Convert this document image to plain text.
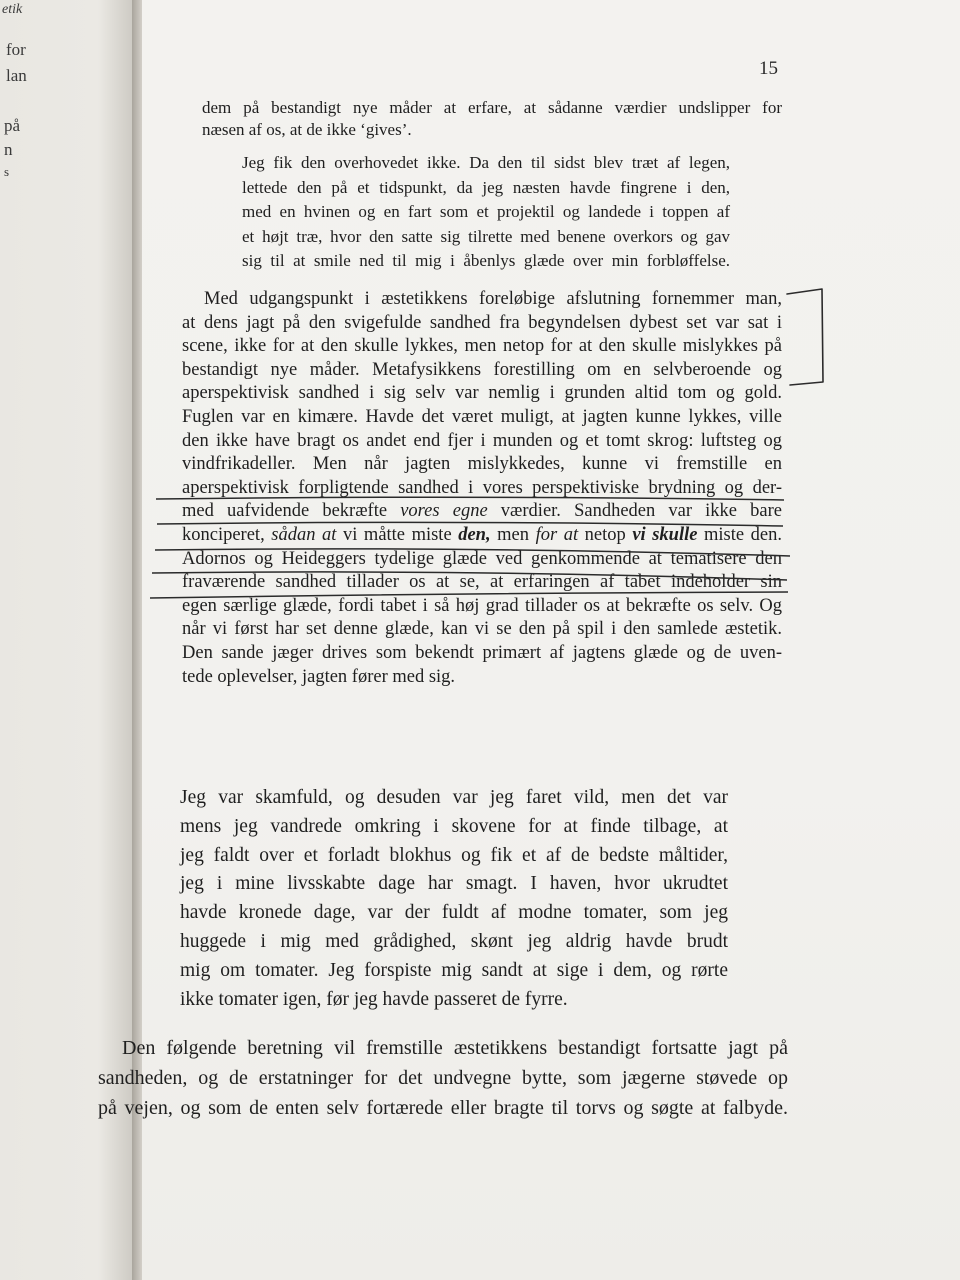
etik
for
lan
på
n
s
15
dem på bestandigt nye måder at erfare, at sådanne værdier undslipper for
næsen af os, at de ikke ‘gives’.
Jeg fik den overhovedet ikke. Da den til sidst blev træt af legen,
lettede den på et tidspunkt, da jeg næsten havde fingrene i den,
med en hvinen og en fart som et projektil og landede i toppen af
et højt træ, hvor den satte sig tilrette med benene overkors og gav
sig til at smile ned til mig i åbenlys glæde over min forbløffelse.
Med udgangspunkt i æstetikkens foreløbige afslutning fornemmer man,
at dens jagt på den svigefulde sandhed fra begyndelsen dybest set var sat i
scene, ikke for at den skulle lykkes, men netop for at den skulle mislykkes på
bestandigt nye måder. Metafysikkens forestilling om en selvberoende og
aperspektivisk sandhed i sig selv var nemlig i grunden altid tom og gold.
Fuglen var en kimære. Havde det været muligt, at jagten kunne lykkes, ville
den ikke have bragt os andet end fjer i munden og et tomt skrog: luftsteg og
vindfrikadeller. Men når jagten mislykkedes, kunne vi fremstille en
aperspektivisk forpligtende sandhed i vores perspektiviske brydning og der-
med uafvidende bekræfte vores egne værdier. Sandheden var ikke bare
konciperet, sådan at vi måtte miste den, men for at netop vi skulle miste den.
Adornos og Heideggers tydelige glæde ved genkommende at tematisere den
fraværende sandhed tillader os at se, at erfaringen af tabet indeholder sin
egen særlige glæde, fordi tabet i så høj grad tillader os at bekræfte os selv. Og
når vi først har set denne glæde, kan vi se den på spil i den samlede æstetik.
Den sande jæger drives som bekendt primært af jagtens glæde og de uven-
tede oplevelser, jagten fører med sig.
Jeg var skamfuld, og desuden var jeg faret vild, men det var
mens jeg vandrede omkring i skovene for at finde tilbage, at
jeg faldt over et forladt blokhus og fik et af de bedste måltider,
jeg i mine livsskabte dage har smagt. I haven, hvor ukrudtet
havde kronede dage, var der fuldt af modne tomater, som jeg
huggede i mig med grådighed, skønt jeg aldrig havde brudt
mig om tomater. Jeg forspiste mig sandt at sige i dem, og rørte
ikke tomater igen, før jeg havde passeret de fyrre.
Den følgende beretning vil fremstille æstetikkens bestandigt fortsatte jagt på
sandheden, og de erstatninger for det undvegne bytte, som jægerne støvede op
på vejen, og som de enten selv fortærede eller bragte til torvs og søgte at falbyde.
